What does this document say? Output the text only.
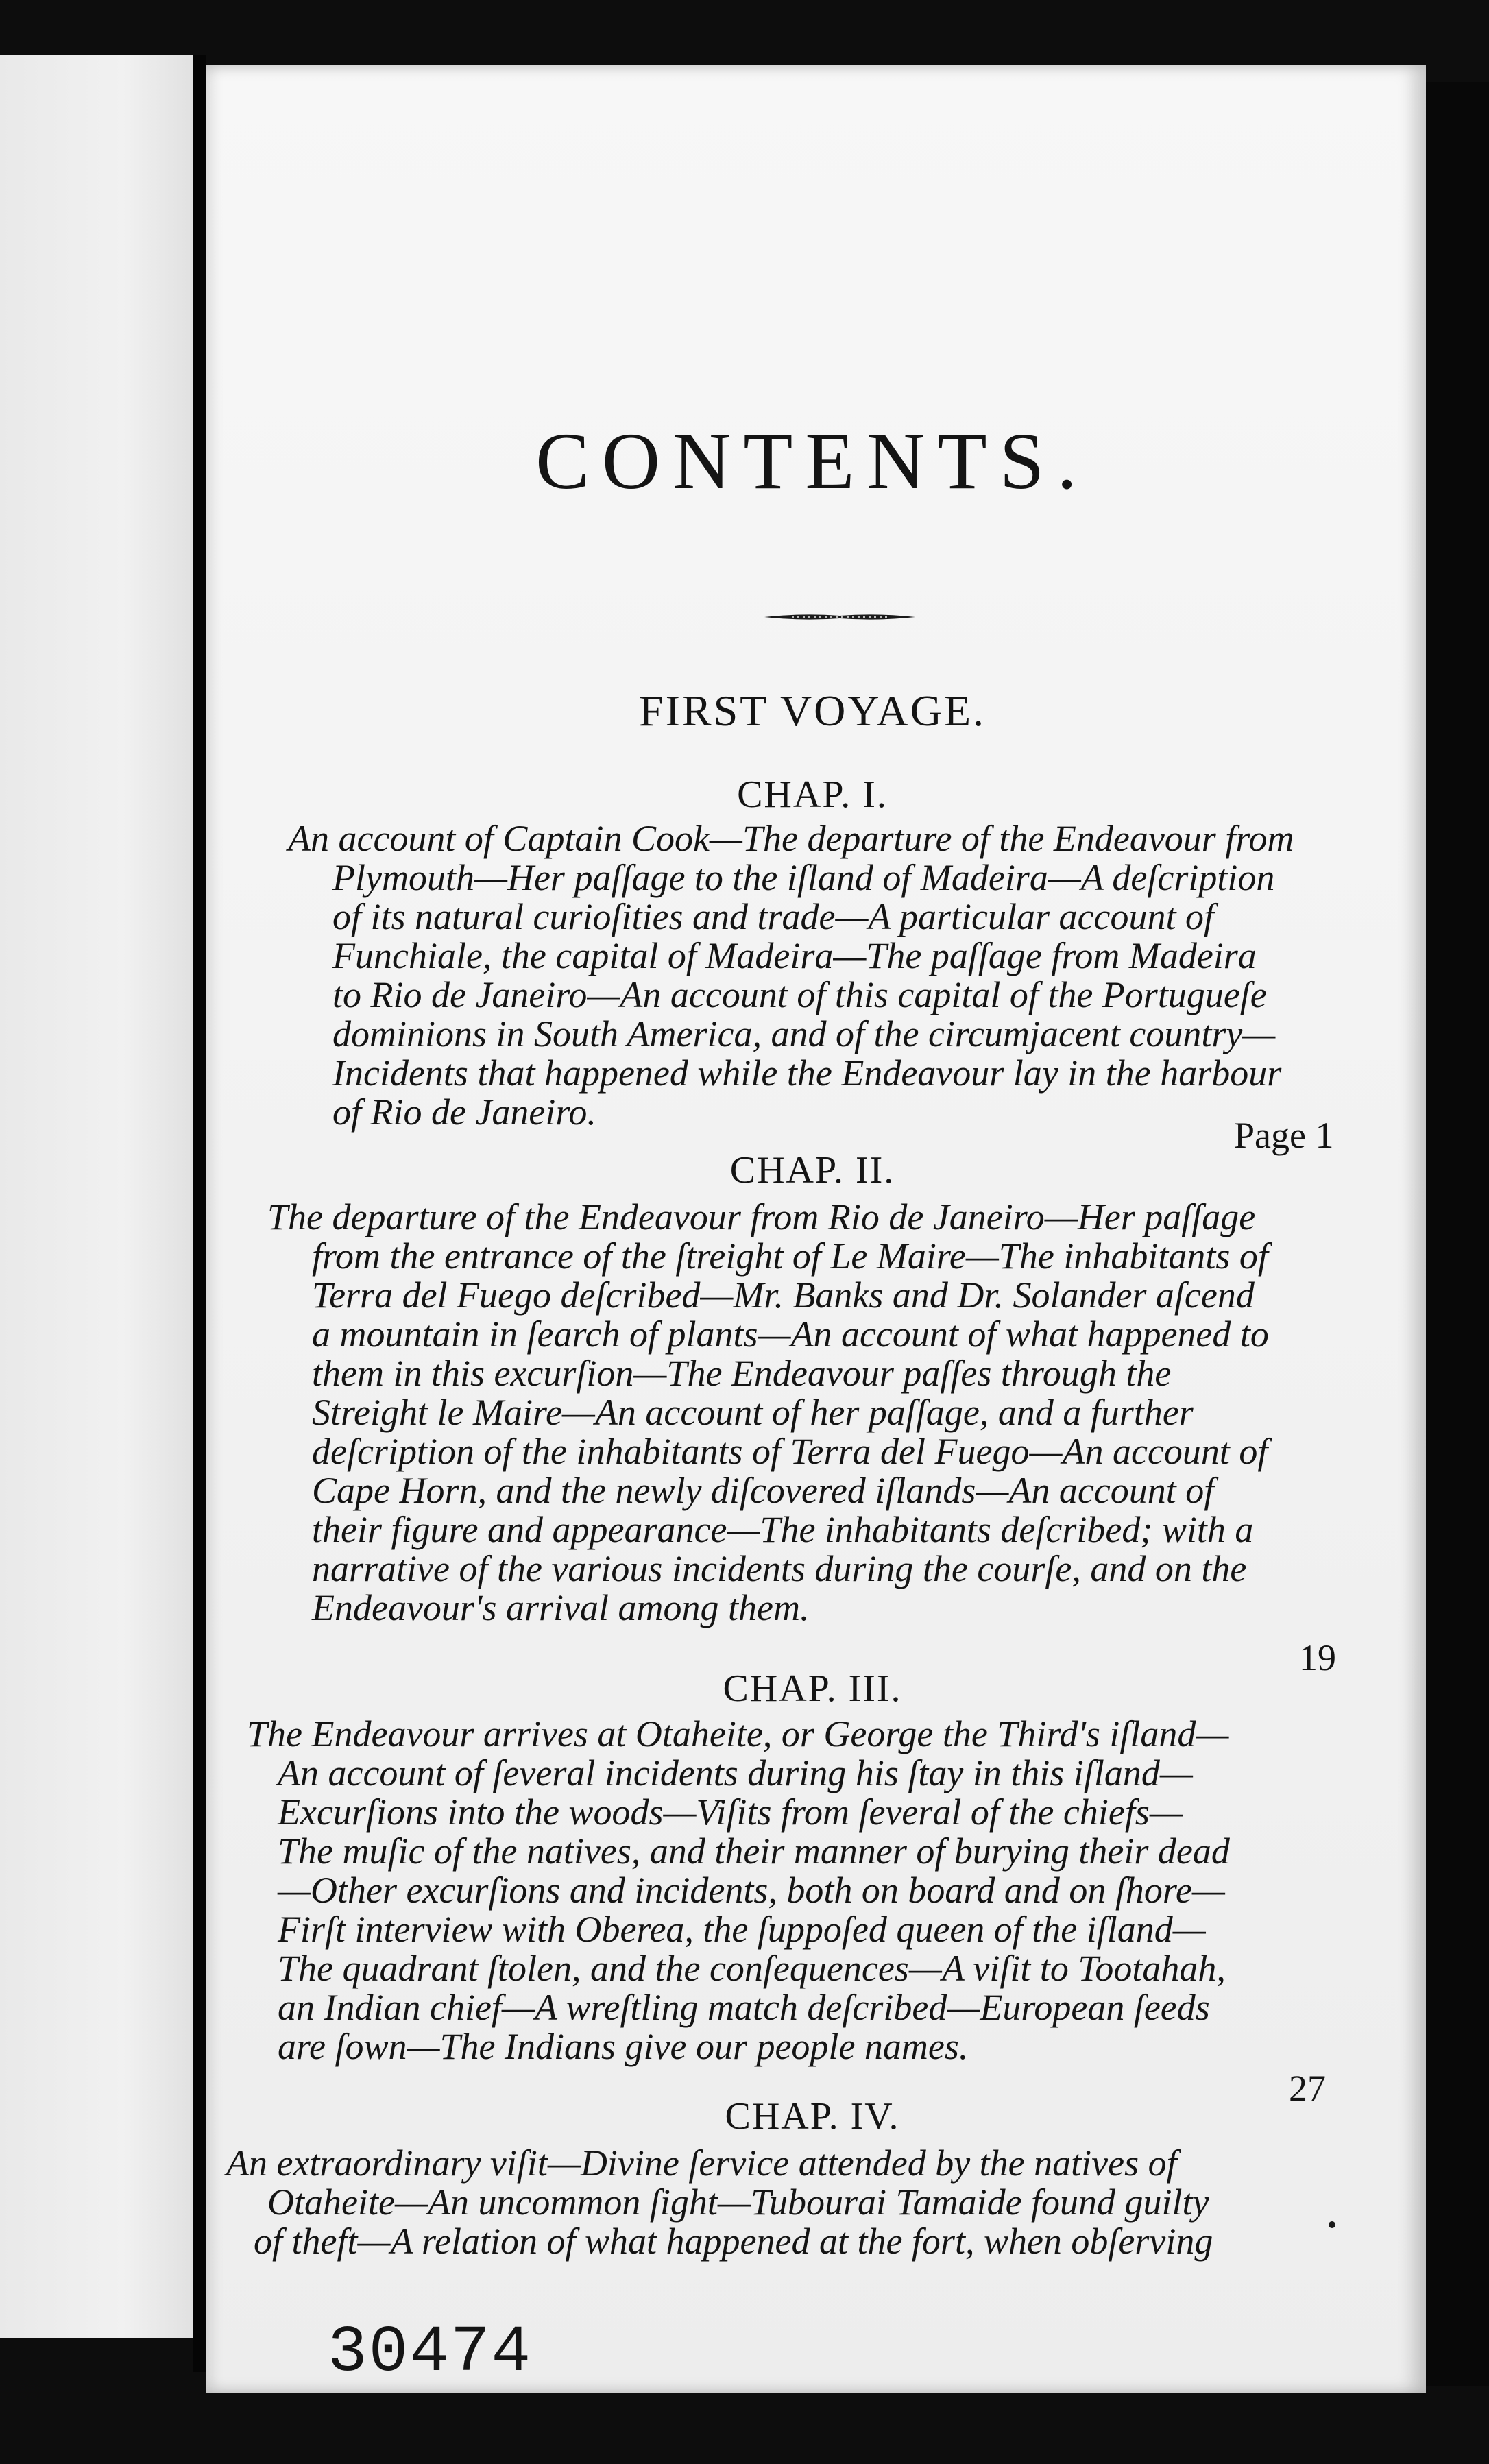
CONTENTS.
FIRST VOYAGE.
CHAP. I.
An account of Captain Cook—The departure of the Endeavour from
Plymouth—Her paſſage to the iſland of Madeira—A deſcription
of its natural curioſities and trade—A particular account of
Funchiale, the capital of Madeira—The paſſage from Madeira
to Rio de Janeiro—An account of this capital of the Portugueſe
dominions in South America, and of the circumjacent country—
Incidents that happened while the Endeavour lay in the harbour
of Rio de Janeiro.
Page 1
CHAP. II.
The departure of the Endeavour from Rio de Janeiro—Her paſſage
from the entrance of the ſtreight of Le Maire—The inhabitants of
Terra del Fuego deſcribed—Mr. Banks and Dr. Solander aſcend
a mountain in ſearch of plants—An account of what happened to
them in this excurſion—The Endeavour paſſes through the
Streight le Maire—An account of her paſſage, and a further
deſcription of the inhabitants of Terra del Fuego—An account of
Cape Horn, and the newly diſcovered iſlands—An account of
their figure and appearance—The inhabitants deſcribed; with a
narrative of the various incidents during the courſe, and on the
Endeavour's arrival among them.
19
CHAP. III.
The Endeavour arrives at Otaheite, or George the Third's iſland—
An account of ſeveral incidents during his ſtay in this iſland—
Excurſions into the woods—Viſits from ſeveral of the chiefs—
The muſic of the natives, and their manner of burying their dead
—Other excurſions and incidents, both on board and on ſhore—
Firſt interview with Oberea, the ſuppoſed queen of the iſland—
The quadrant ſtolen, and the conſequences—A viſit to Tootahah,
an Indian chief—A wreſtling match deſcribed—European ſeeds
are ſown—The Indians give our people names.
27
CHAP. IV.
An extraordinary viſit—Divine ſervice attended by the natives of
Otaheite—An uncommon ſight—Tubourai Tamaide found guilty
of theft—A relation of what happened at the fort, when obſerving
30474
